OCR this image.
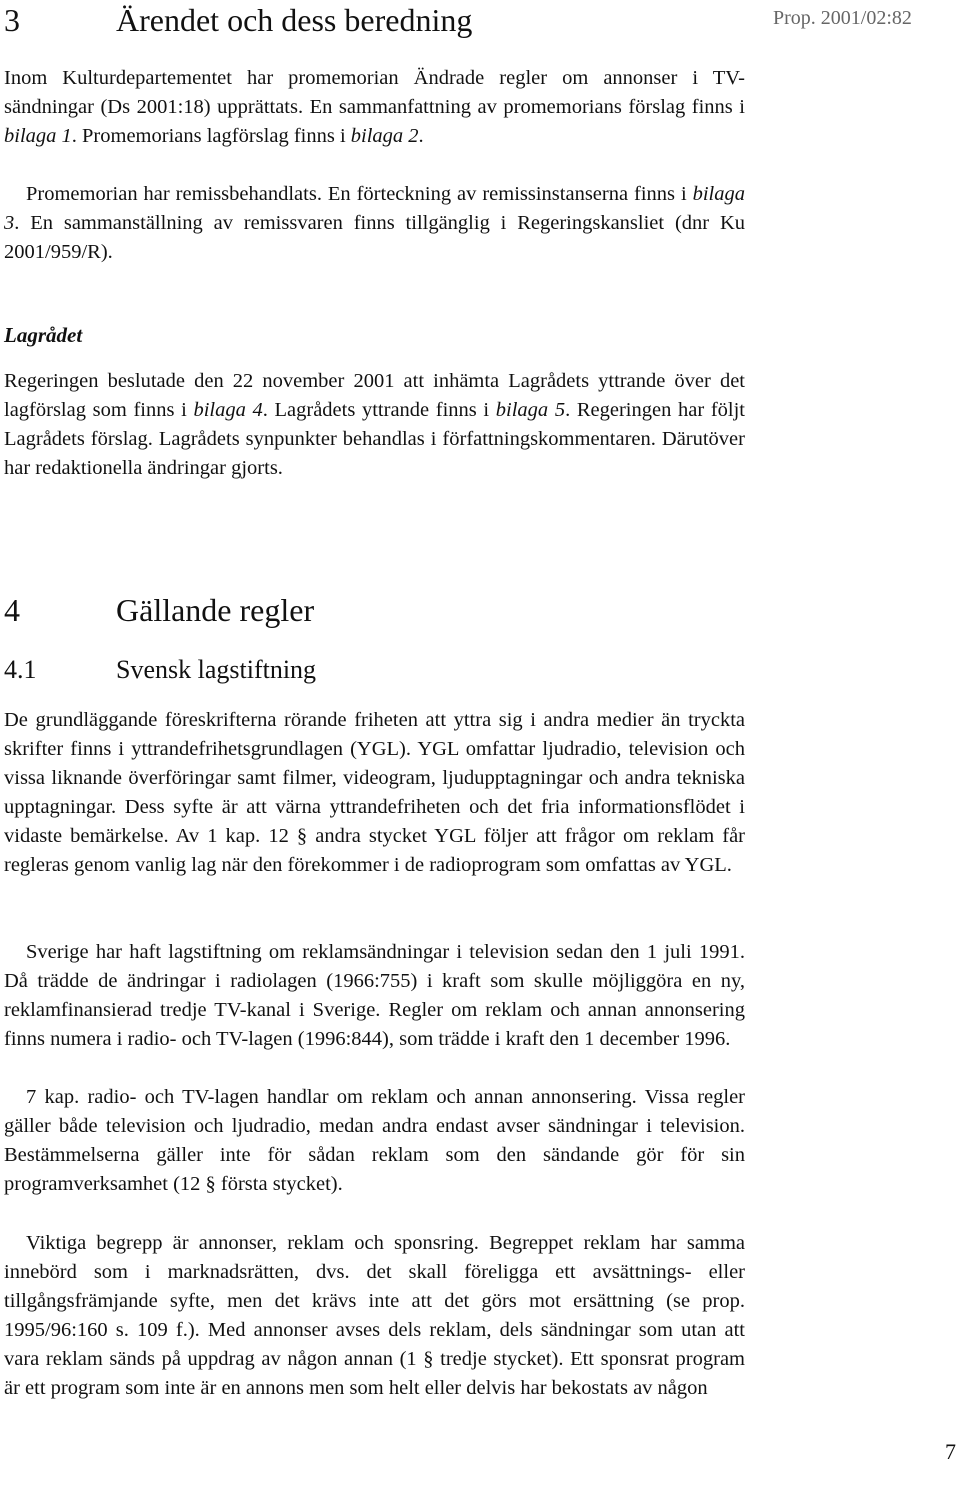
Prop. 2001/02:82
3	Ärendet och dess beredning

Inom Kulturdepartementet har promemorian Ändrade regler om annonser i TV-sändningar (Ds 2001:18) upprättats. En sammanfattning av promemorians förslag finns i bilaga 1. Promemorians lagförslag finns i bilaga 2.

Promemorian har remissbehandlats. En förteckning av remissinstanserna finns i bilaga 3. En sammanställning av remissvaren finns tillgänglig i Regeringskansliet (dnr Ku 2001/959/R).

Lagrådet

Regeringen beslutade den 22 november 2001 att inhämta Lagrådets yttrande över det lagförslag som finns i bilaga 4. Lagrådets yttrande finns i bilaga 5. Regeringen har följt Lagrådets förslag. Lagrådets synpunkter behandlas i författningskommentaren. Därutöver har redaktionella ändringar gjorts.

4	Gällande regler
4.1	Svensk lagstiftning

De grundläggande föreskrifterna rörande friheten att yttra sig i andra medier än tryckta skrifter finns i yttrandefrihetsgrundlagen (YGL). YGL omfattar ljudradio, television och vissa liknande överföringar samt filmer, videogram, ljudupptagningar och andra tekniska upptagningar. Dess syfte är att värna yttrandefriheten och det fria informationsflödet i vidaste bemärkelse. Av 1 kap. 12 § andra stycket YGL följer att frågor om reklam får regleras genom vanlig lag när den förekommer i de radioprogram som omfattas av YGL.

Sverige har haft lagstiftning om reklamsändningar i television sedan den 1 juli 1991. Då trädde de ändringar i radiolagen (1966:755) i kraft som skulle möjliggöra en ny, reklamfinansierad tredje TV-kanal i Sverige. Regler om reklam och annan annonsering finns numera i radio- och TV-lagen (1996:844), som trädde i kraft den 1 december 1996.

7 kap. radio- och TV-lagen handlar om reklam och annan annonsering. Vissa regler gäller både television och ljudradio, medan andra endast avser sändningar i television. Bestämmelserna gäller inte för sådan reklam som den sändande gör för sin programverksamhet (12 § första stycket).

Viktiga begrepp är annonser, reklam och sponsring. Begreppet reklam har samma innebörd som i marknadsrätten, dvs. det skall föreligga ett avsättnings- eller tillgångsfrämjande syfte, men det krävs inte att det görs mot ersättning (se prop. 1995/96:160 s. 109 f.). Med annonser avses dels reklam, dels sändningar som utan att vara reklam sänds på uppdrag av någon annan (1 § tredje stycket). Ett sponsrat program är ett program som inte är en annons men som helt eller delvis har bekostats av någon

7
